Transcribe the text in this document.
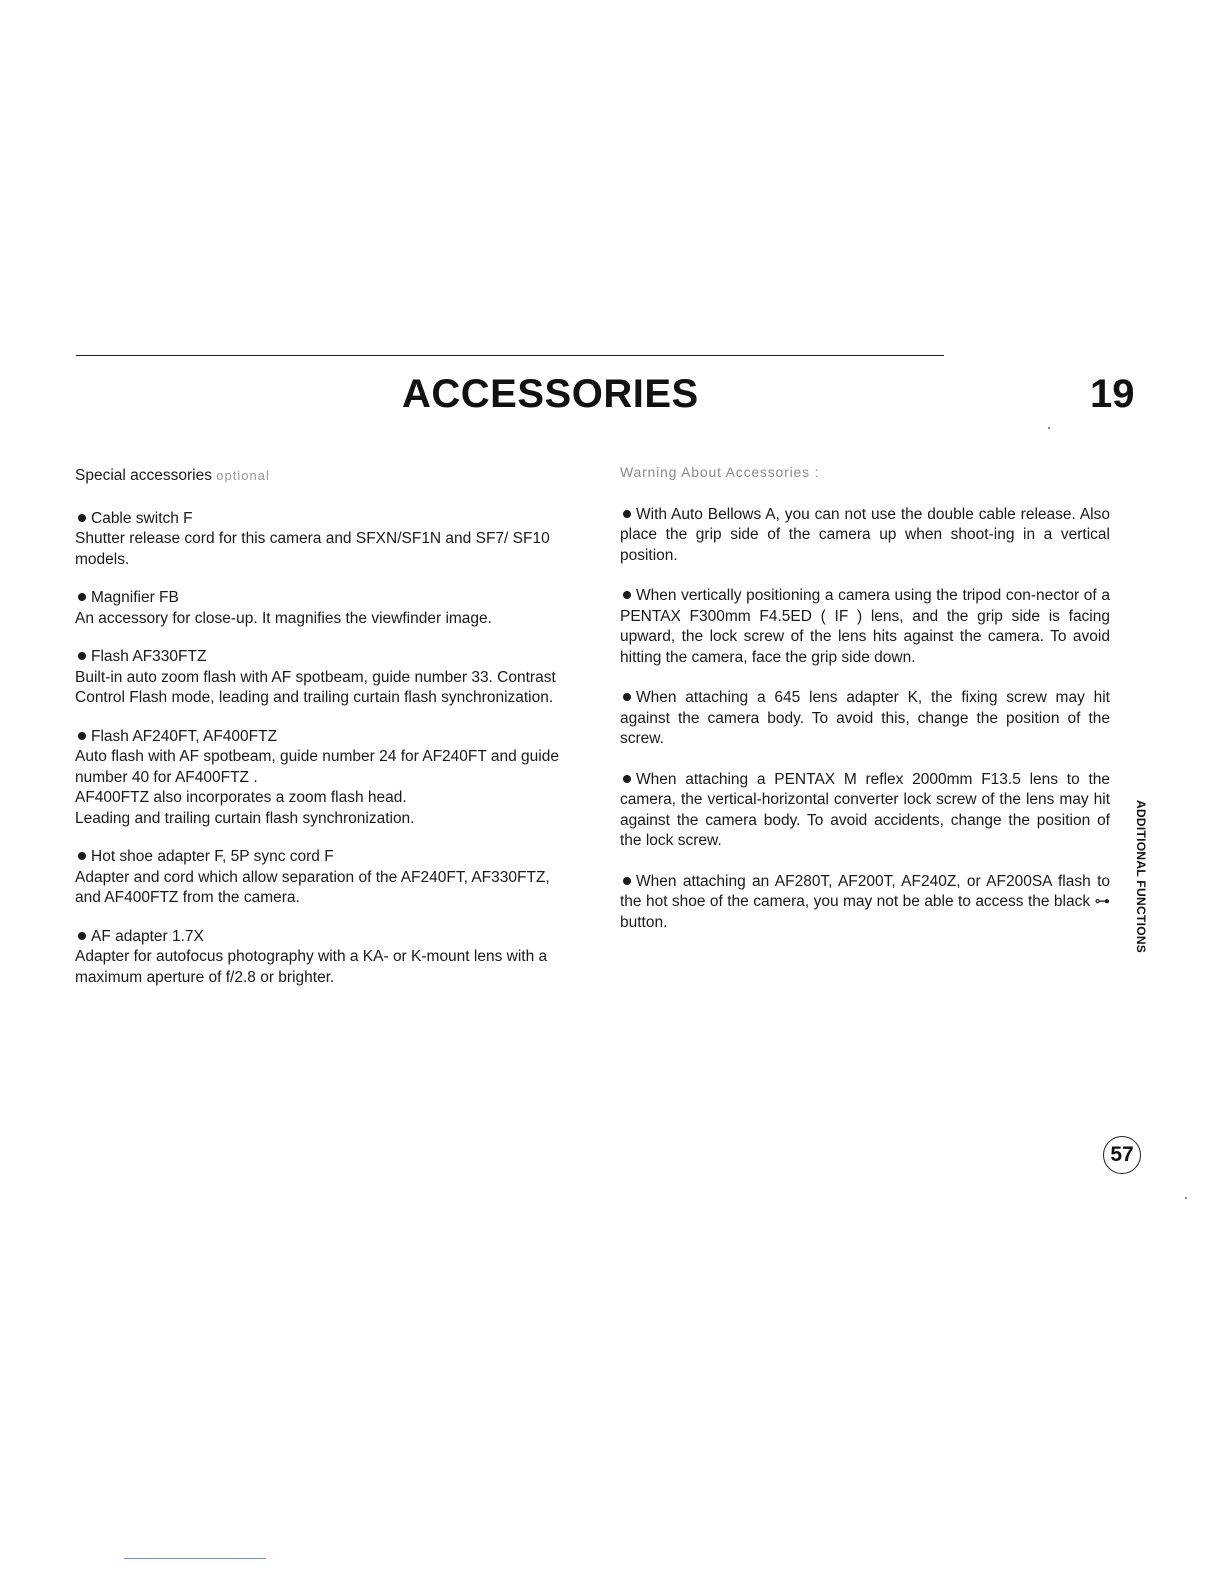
ACCESSORIES	19

Special accessories optional

Cable switch F
Shutter release cord for this camera and SFXN/SF1N and SF7/ SF10 models.
Magnifier FB
An accessory for close-up. It magnifies the viewfinder image.
Flash AF330FTZ
Built-in auto zoom flash with AF spotbeam, guide number 33. Contrast Control Flash mode, leading and trailing curtain flash synchronization.
Flash AF240FT, AF400FTZ
Auto flash with AF spotbeam, guide number 24 for AF240FT and guide number 40 for AF400FTZ .
AF400FTZ also incorporates a zoom flash head.
Leading and trailing curtain flash synchronization.
Hot shoe adapter F, 5P sync cord F
Adapter and cord which allow separation of the AF240FT, AF330FTZ, and AF400FTZ from the camera.
AF adapter 1.7X
Adapter for autofocus photography with a KA- or K-mount lens with a maximum aperture of f/2.8 or brighter.

Warning About Accessories :

With Auto Bellows A, you can not use the double cable release. Also place the grip side of the camera up when shoot-ing in a vertical position.

When vertically positioning a camera using the tripod con-nector of a PENTAX F300mm F4.5ED ( IF ) lens, and the grip side is facing upward, the lock screw of the lens hits against the camera. To avoid hitting the camera, face the grip side down.

When attaching a 645 lens adapter K, the fixing screw may hit against the camera body. To avoid this, change the position of the screw.

When attaching a PENTAX M reflex 2000mm F13.5 lens to the camera, the vertical-horizontal converter lock screw of the lens may hit against the camera body. To avoid accidents, change the position of the lock screw.

When attaching an AF280T, AF200T, AF240Z, or AF200SA flash to the hot shoe of the camera, you may not be able to access the black ⊶ button.	ADDITIONAL FUNCTIONS
57
